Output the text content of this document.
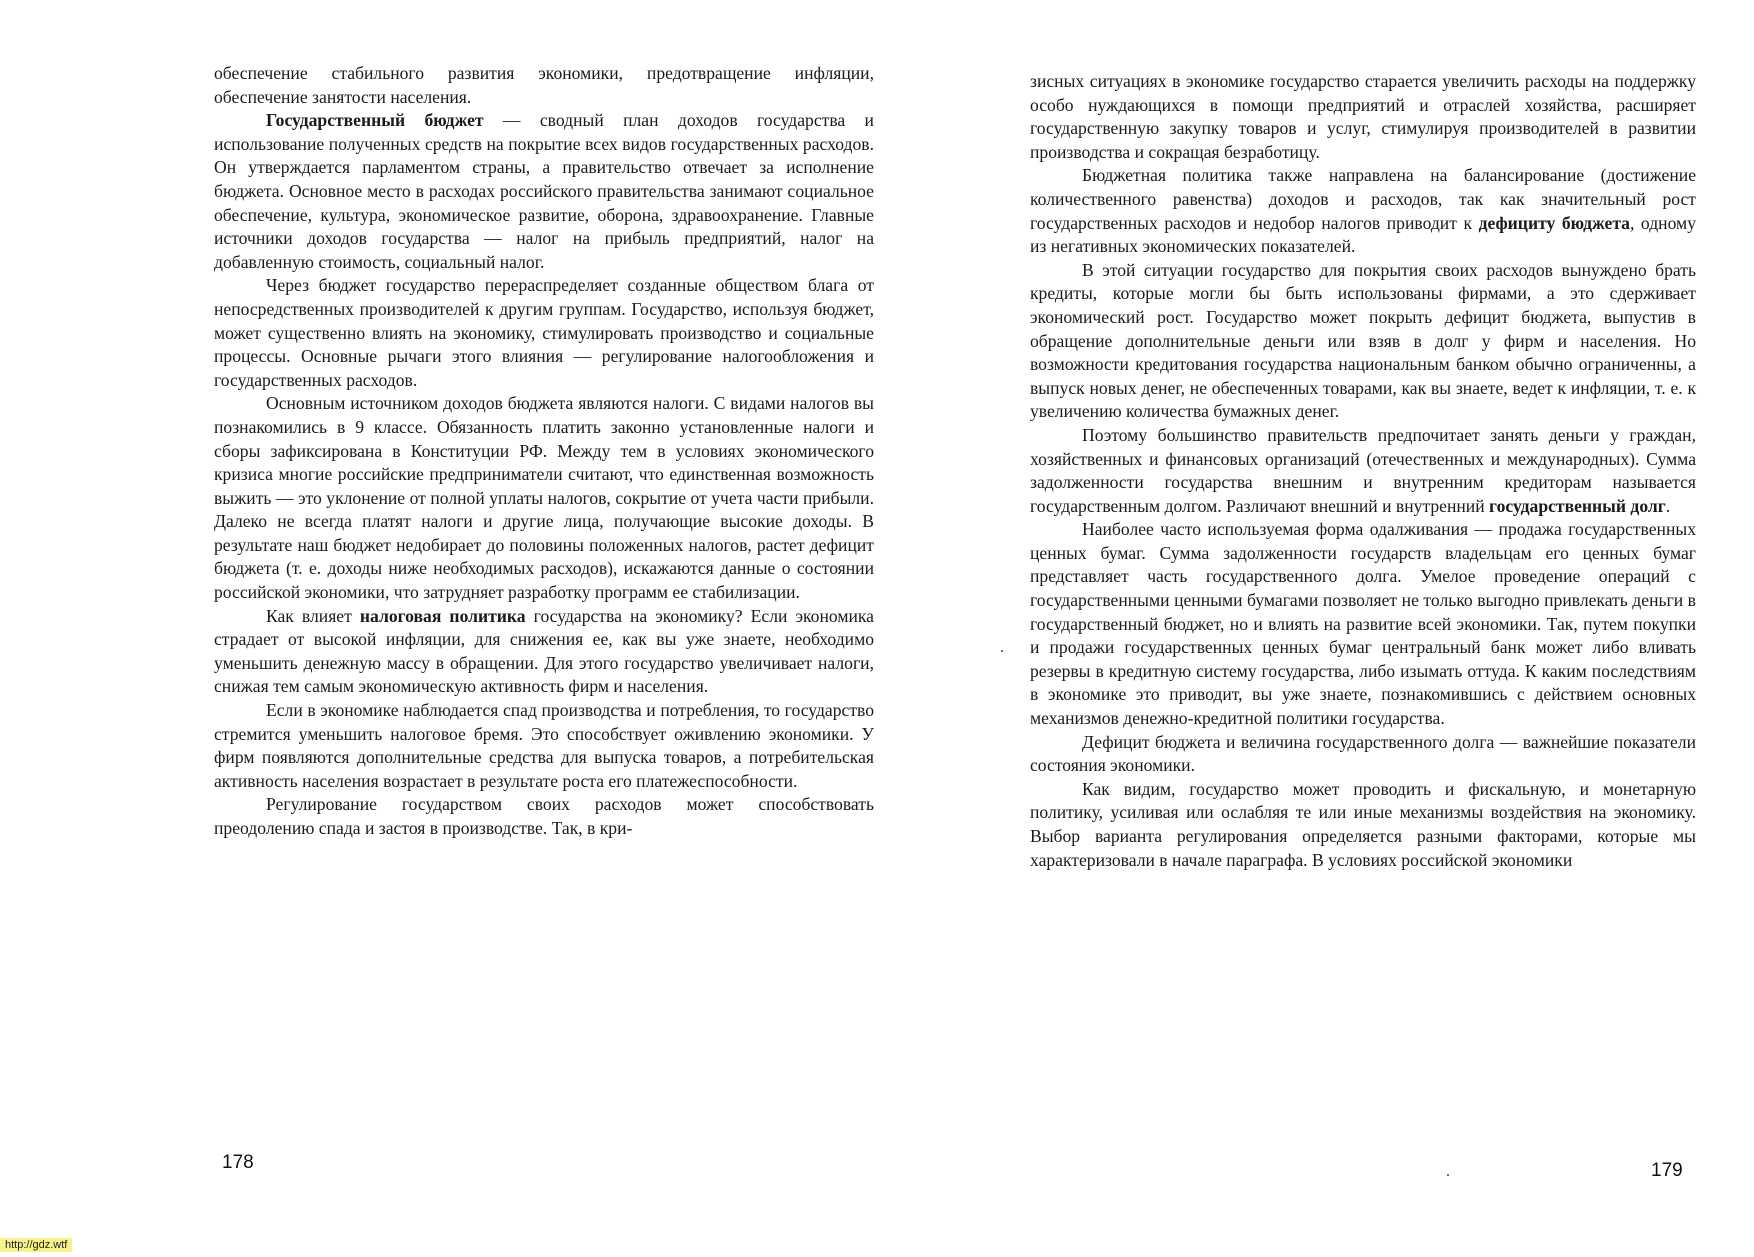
обеспечение стабильного развития экономики, предотвращение инфляции, обеспечение занятости населения.

Государственный бюджет — сводный план доходов государства и использование полученных средств на покрытие всех видов государственных расходов. Он утверждается парламентом страны, а правительство отвечает за исполнение бюджета. Основное место в расходах российского правительства занимают социальное обеспечение, культура, экономическое развитие, оборона, здравоохранение. Главные источники доходов государства — налог на прибыль предприятий, налог на добавленную стоимость, социальный налог.

Через бюджет государство перераспределяет созданные обществом блага от непосредственных производителей к другим группам. Государство, используя бюджет, может существенно влиять на экономику, стимулировать производство и социальные процессы. Основные рычаги этого влияния — регулирование налогообложения и государственных расходов.

Основным источником доходов бюджета являются налоги. С видами налогов вы познакомились в 9 классе. Обязанность платить законно установленные налоги и сборы зафиксирована в Конституции РФ. Между тем в условиях экономического кризиса многие российские предприниматели считают, что единственная возможность выжить — это уклонение от полной уплаты налогов, сокрытие от учета части прибыли. Далеко не всегда платят налоги и другие лица, получающие высокие доходы. В результате наш бюджет недобирает до половины положенных налогов, растет дефицит бюджета (т. е. доходы ниже необходимых расходов), искажаются данные о состоянии российской экономики, что затрудняет разработку программ ее стабилизации.

Как влияет налоговая политика государства на экономику? Если экономика страдает от высокой инфляции, для снижения ее, как вы уже знаете, необходимо уменьшить денежную массу в обращении. Для этого государство увеличивает налоги, снижая тем самым экономическую активность фирм и населения.

Если в экономике наблюдается спад производства и потребления, то государство стремится уменьшить налоговое бремя. Это способствует оживлению экономики. У фирм появляются дополнительные средства для выпуска товаров, а потребительская активность населения возрастает в результате роста его платежеспособности.

Регулирование государством своих расходов может способствовать преодолению спада и застоя в производстве. Так, в кри-

зисных ситуациях в экономике государство старается увеличить расходы на поддержку особо нуждающихся в помощи предприятий и отраслей хозяйства, расширяет государственную закупку товаров и услуг, стимулируя производителей в развитии производства и сокращая безработицу.

Бюджетная политика также направлена на балансирование (достижение количественного равенства) доходов и расходов, так как значительный рост государственных расходов и недобор налогов приводит к дефициту бюджета, одному из негативных экономических показателей.

В этой ситуации государство для покрытия своих расходов вынуждено брать кредиты, которые могли бы быть использованы фирмами, а это сдерживает экономический рост. Государство может покрыть дефицит бюджета, выпустив в обращение дополнительные деньги или взяв в долг у фирм и населения. Но возможности кредитования государства национальным банком обычно ограниченны, а выпуск новых денег, не обеспеченных товарами, как вы знаете, ведет к инфляции, т. е. к увеличению количества бумажных денег.

Поэтому большинство правительств предпочитает занять деньги у граждан, хозяйственных и финансовых организаций (отечественных и международных). Сумма задолженности государства внешним и внутренним кредиторам называется государственным долгом. Различают внешний и внутренний государственный долг.

Наиболее часто используемая форма одалживания — продажа государственных ценных бумаг. Сумма задолженности государств владельцам его ценных бумаг представляет часть государственного долга. Умелое проведение операций с государственными ценными бумагами позволяет не только выгодно привлекать деньги в государственный бюджет, но и влиять на развитие всей экономики. Так, путем покупки и продажи государственных ценных бумаг центральный банк может либо вливать резервы в кредитную систему государства, либо изымать оттуда. К каким последствиям в экономике это приводит, вы уже знаете, познакомившись с действием основных механизмов денежно-кредитной политики государства.

Дефицит бюджета и величина государственного долга — важнейшие показатели состояния экономики.

Как видим, государство может проводить и фискальную, и монетарную политику, усиливая или ослабляя те или иные механизмы воздействия на экономику. Выбор варианта регулирования определяется разными факторами, которые мы характеризовали в начале параграфа. В условиях российской экономики

178	179
http://gdz.wtf
